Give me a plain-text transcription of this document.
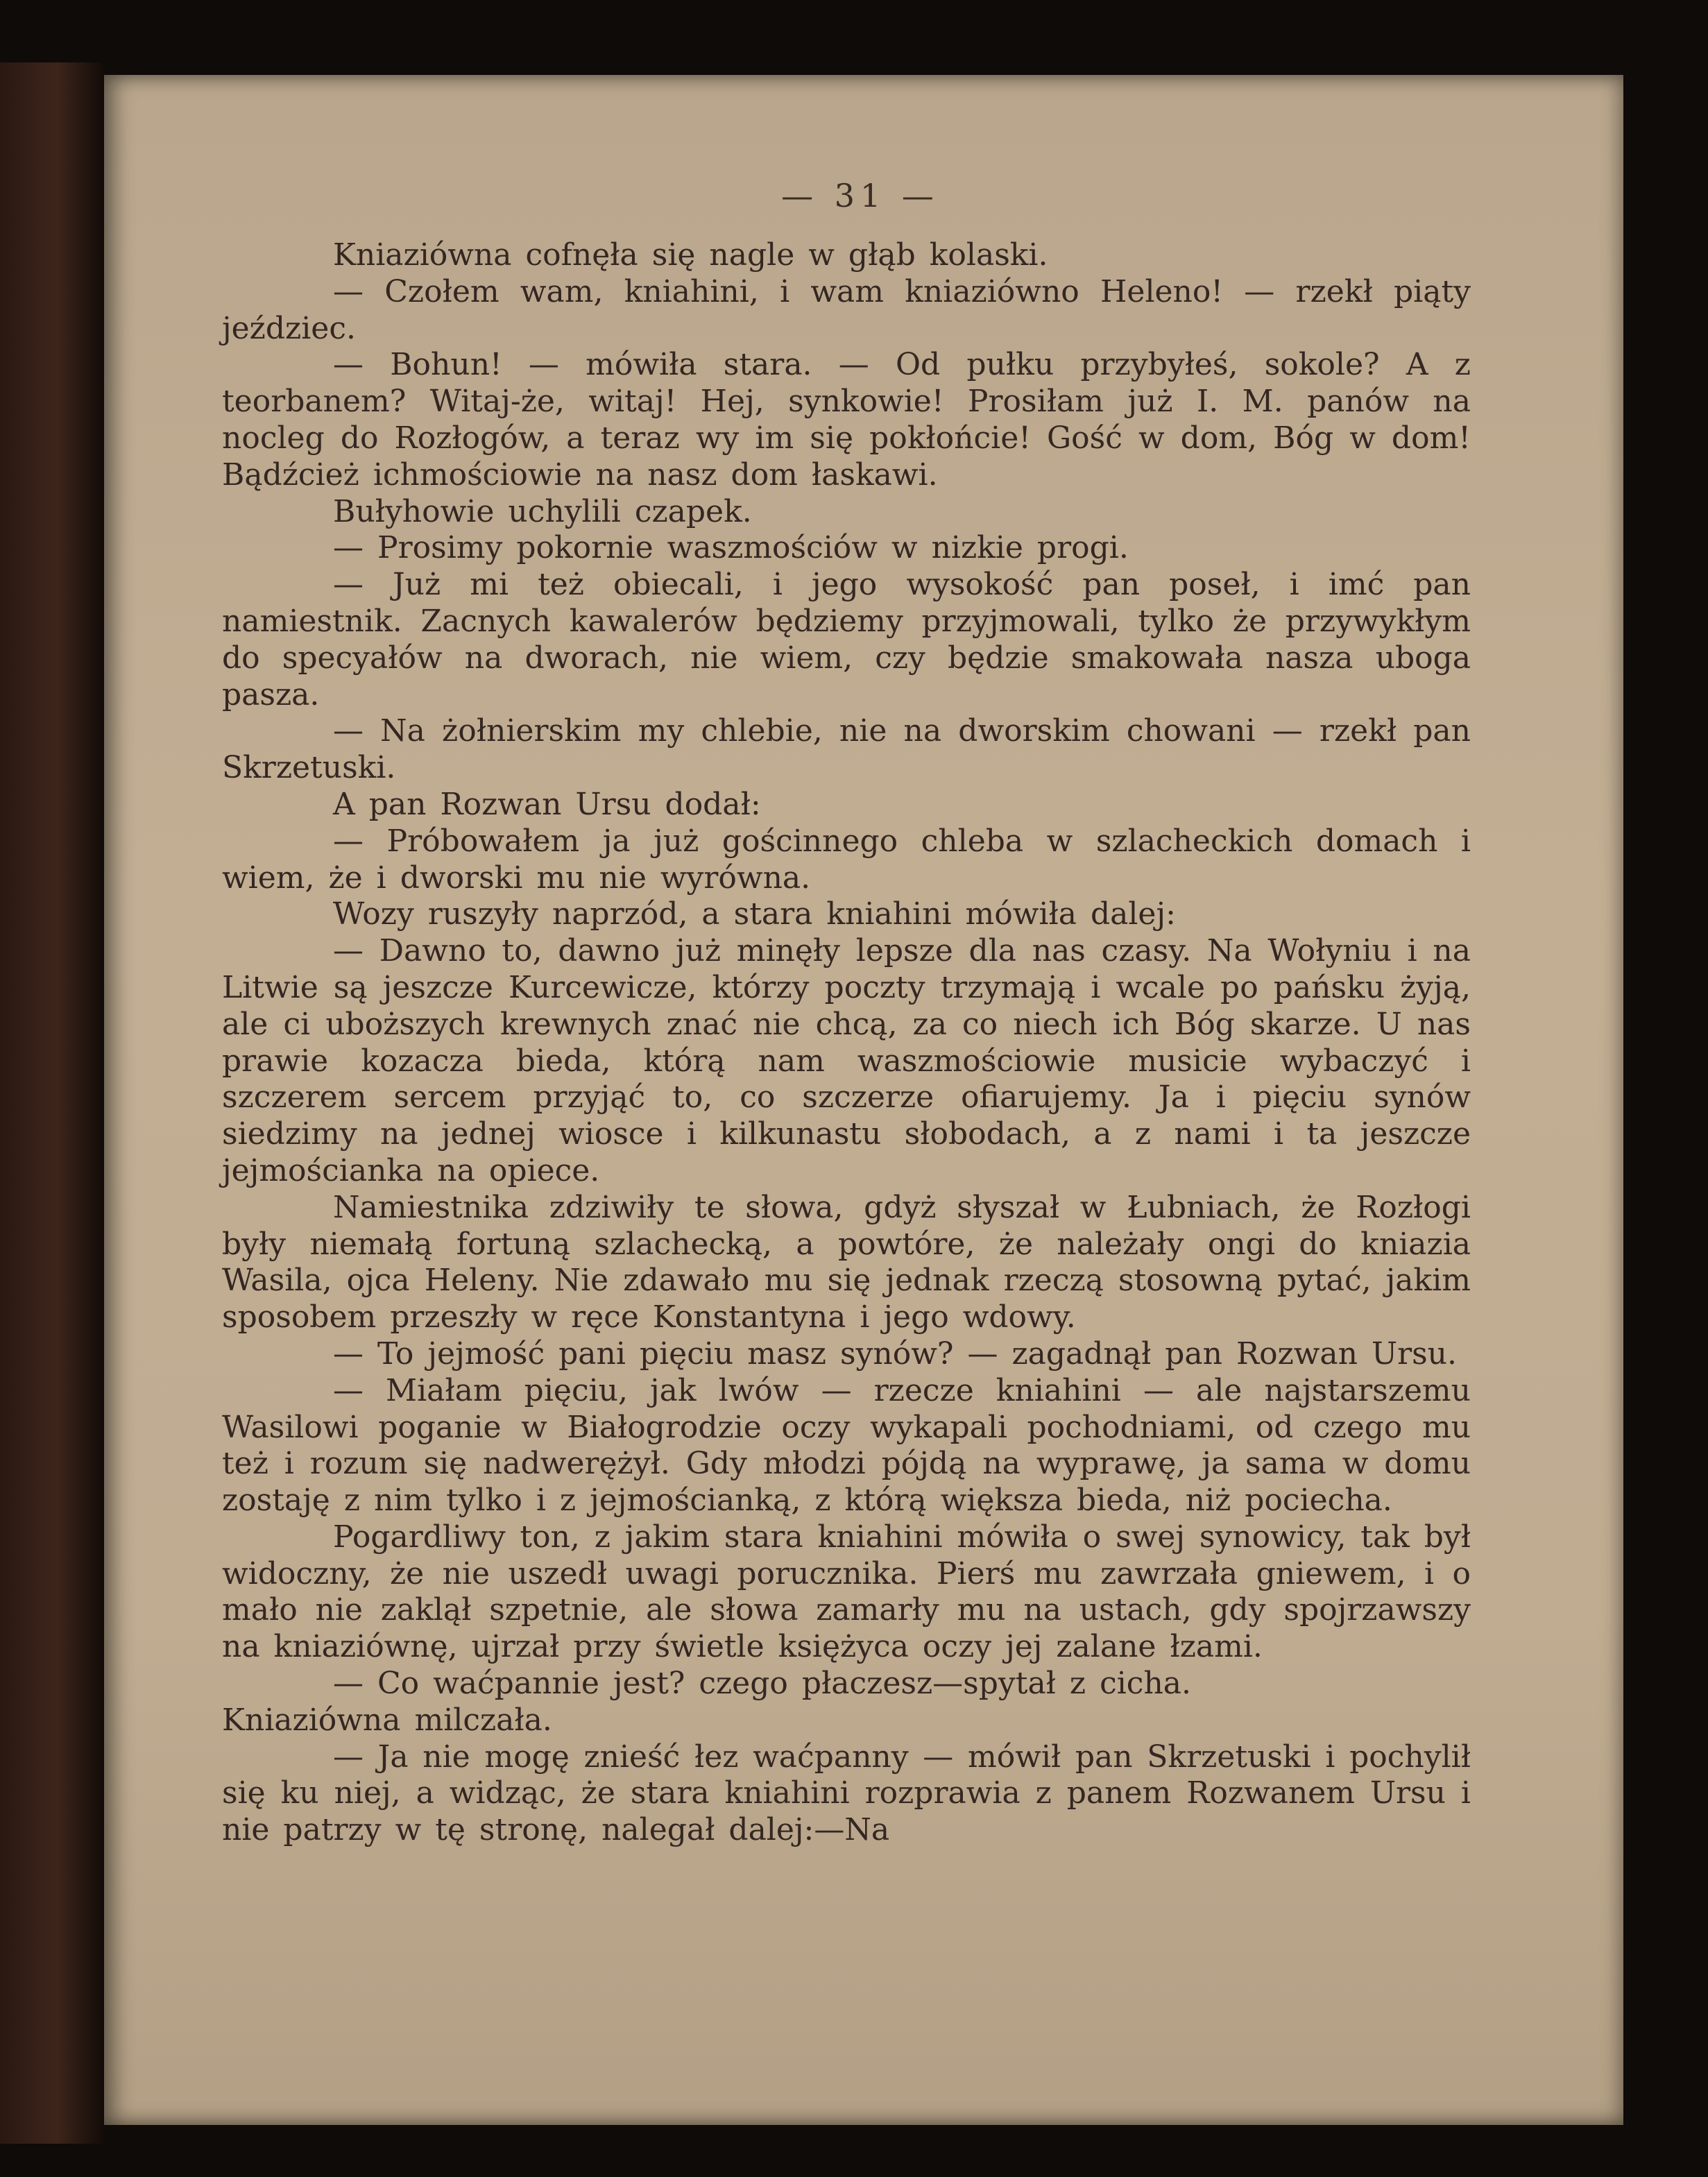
— 31 —

Kniaziówna cofnęła się nagle w głąb kolaski.

— Czołem wam, kniahini, i wam kniaziówno Heleno! — rzekł piąty jeździec.

— Bohun! — mówiła stara. — Od pułku przybyłeś, sokole? A z teorbanem? Witaj-że, witaj! Hej, synkowie! Prosiłam już I. M. panów na nocleg do Rozłogów, a teraz wy im się pokłońcie! Gość w dom, Bóg w dom! Bądźcież ichmościowie na nasz dom łaskawi.

Bułyhowie uchylili czapek.

— Prosimy pokornie waszmościów w nizkie progi.

— Już mi też obiecali, i jego wysokość pan poseł, i imć pan namiestnik. Zacnych kawalerów będziemy przyjmowali, tylko że przywykłym do specyałów na dworach, nie wiem, czy będzie smakowała nasza uboga pasza.

— Na żołnierskim my chlebie, nie na dworskim chowani — rzekł pan Skrzetuski.

A pan Rozwan Ursu dodał:

— Próbowałem ja już gościnnego chleba w szlacheckich domach i wiem, że i dworski mu nie wyrówna.

Wozy ruszyły naprzód, a stara kniahini mówiła dalej:

— Dawno to, dawno już minęły lepsze dla nas czasy. Na Wołyniu i na Litwie są jeszcze Kurcewicze, którzy poczty trzymają i wcale po pańsku żyją, ale ci uboższych krewnych znać nie chcą, za co niech ich Bóg skarze. U nas prawie kozacza bieda, którą nam waszmościowie musicie wybaczyć i szczerem sercem przyjąć to, co szczerze ofiarujemy. Ja i pięciu synów siedzimy na jednej wiosce i kilkunastu słobodach, a z nami i ta jeszcze jejmościanka na opiece.

Namiestnika zdziwiły te słowa, gdyż słyszał w Łubniach, że Rozłogi były niemałą fortuną szlachecką, a powtóre, że należały ongi do kniazia Wasila, ojca Heleny. Nie zdawało mu się jednak rzeczą stosowną pytać, jakim sposobem przeszły w ręce Konstantyna i jego wdowy.

— To jejmość pani pięciu masz synów? — zagadnął pan Rozwan Ursu.

— Miałam pięciu, jak lwów — rzecze kniahini — ale najstarszemu Wasilowi poganie w Białogrodzie oczy wykapali pochodniami, od czego mu też i rozum się nadwerężył. Gdy młodzi pójdą na wyprawę, ja sama w domu zostaję z nim tylko i z jejmościanką, z którą większa bieda, niż pociecha.

Pogardliwy ton, z jakim stara kniahini mówiła o swej synowicy, tak był widoczny, że nie uszedł uwagi porucznika. Pierś mu zawrzała gniewem, i o mało nie zaklął szpetnie, ale słowa zamarły mu na ustach, gdy spojrzawszy na kniaziównę, ujrzał przy świetle księżyca oczy jej zalane łzami.

— Co waćpannie jest? czego płaczesz—spytał z cicha.

Kniaziówna milczała.

— Ja nie mogę znieść łez waćpanny — mówił pan Skrzetuski i pochylił się ku niej, a widząc, że stara kniahini rozprawia z panem Rozwanem Ursu i nie patrzy w tę stronę, nalegał dalej:—Na
